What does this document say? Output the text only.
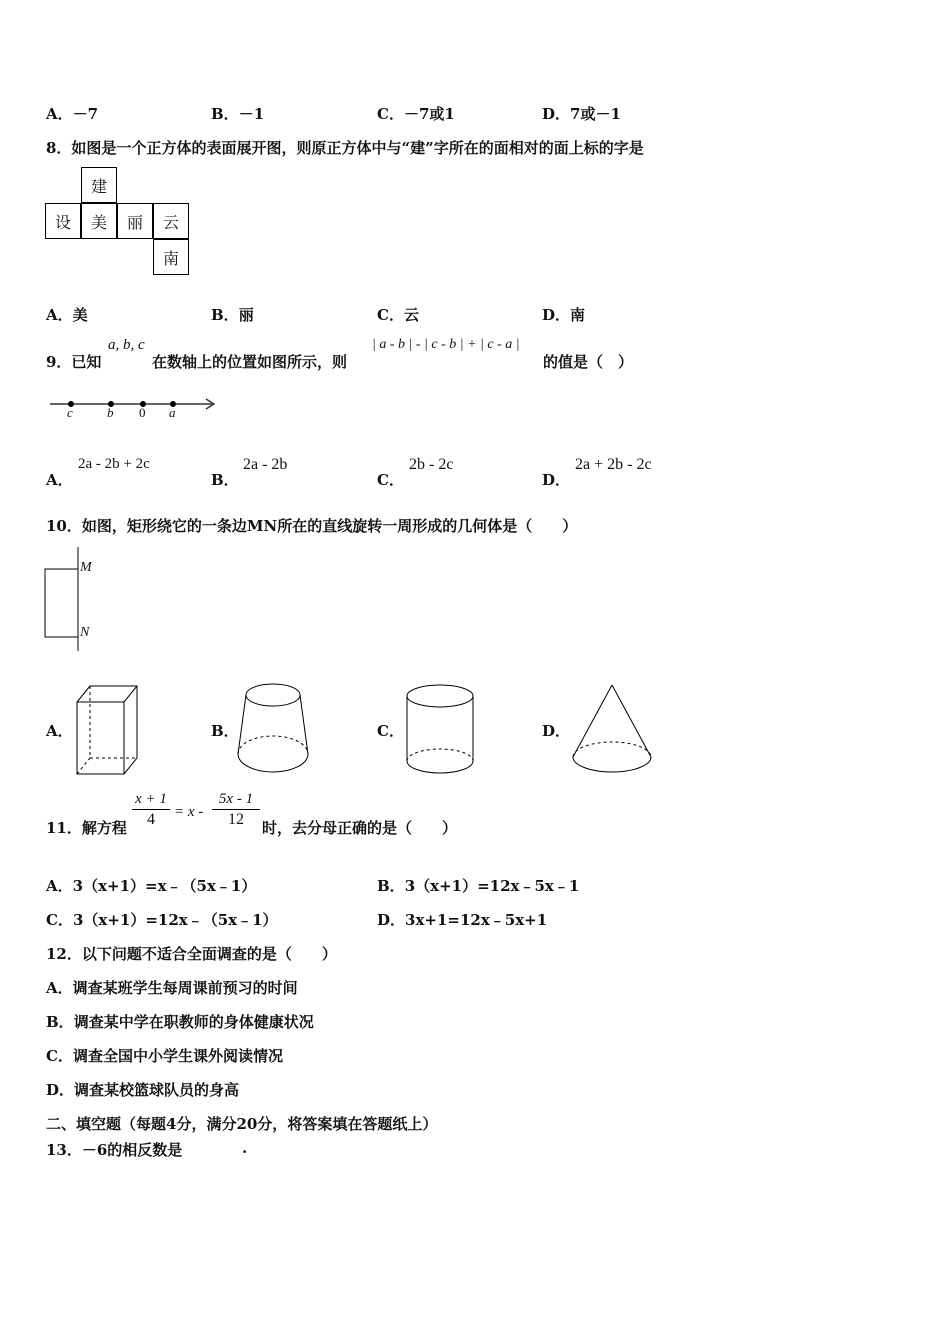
A．－7	B．－1	C．－7或1	D．7或－1
8．如图是一个正方体的表面展开图，则原正方体中与“建”字所在的面相对的面上标的字是
建
设	美	丽	云
南
A．美	B．丽	C．云	D．南
9．已知
a, b, c
在数轴上的位置如图所示，则
| a - b | - | c - b | + | c - a |
的值是（　）
c	b 0 a
A．
2a - 2b + 2c
B．
2a - 2b
C．
2b - 2c
D．
2a + 2b - 2c
10．如图，矩形绕它的一条边MN所在的直线旋转一周形成的几何体是（　　）
M
N
A．	B．	C．	D．
11．解方程
x + 1
4	= x -
5x - 1
12	时，去分母正确的是（　　）
A．3（x+1）=x﹣（5x﹣1）	B．3（x+1）=12x﹣5x﹣1
C．3（x+1）=12x﹣（5x﹣1）	D．3x+1=12x﹣5x+1
12．以下问题不适合全面调查的是（　　）
A．调查某班学生每周课前预习的时间
B．调查某中学在职教师的身体健康状况
C．调查全国中小学生课外阅读情况
D．调查某校篮球队员的身高
二、填空题（每题4分，满分20分，将答案填在答题纸上）
13．－6的相反数是	.
